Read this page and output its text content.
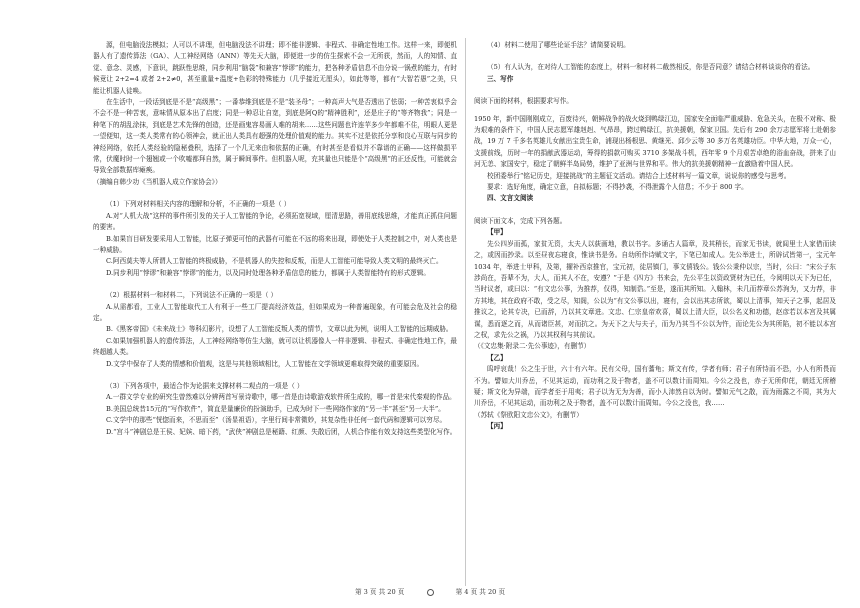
源，但电脑没法模拟；人可以不讲理，但电脑没法不讲理；即不能非逻辑、非程式、非确定性地工作。这样一来，即便机器人有了遗传算法（GA）、人工神经网络（ANN）等先天大脑，即便进一步的仿生探索不会一无所获，然而，人的知情、直觉、意念、灵感，下意识，跳跃性思维，同步利用“脑袋”和兼容“悖谬”的能力，把各种矛盾信息不由分说一锅煮的能力，有时候竟让 2+2=4 或者 2+2≠0，甚至重量+温度+色彩的特殊能力（几乎接近无厘头），如此等等，都有“大智若愚”之美，只能让机器人徒唤。

在生活中，一段话到底是不是“高级黑”；一番恭维到底是不是“装圣母”；一种高声大气是否透出了怯弱；一种苦衷似乎会不会不是一种苦衷，意味情从原本出了启度；同是一种忍让自宽，到底是阿Q的“精神胜利”，还是庄子的“等齐物我”；同是一种笔下的胡乱涂抹，到底是艺术先锋的创造，还是画鬼容易画人难的胡来……这些问题也许连苹多少年都难不住，明眼人更是一望便知，这一类人类常有的心领神会，就正出人类具有超强的处理价值观的能力。其实不过是依托分享和良心互联与同步的神经网络，依托人类经验的隐秘叠积，选择了一个几无来由和依据的正确，有时甚至是看似并不靠谱的正确——这样做损平常，伏魔时时一个翅翘或一个吹嘘都拜自然，属于瞬间事件。但机器人呢，充其量也只能是个“高级黑”的正还反性，可能就会导致全部数据库瘫痪。

（摘编自韩少功《当机器人成立作家协会》）

（1）下列对材料相关内容的理解和分析，不正确的一项是（ ）

A.对“人机大战”这样的事件所引发的关于人工智能的争论，必须拓宽视域，厘清思路，善用底线思维，才能真正抓住问题的要害。

B.如果盲目研发要采用人工智能，比原子弹更可怕的武器有可能在不远的将来出现，即使处于人类控制之中，对人类也是一种威胁。

C.阿西莫夫等人所谓人工智能的终极威胁，不是机器人的失控和反叛，而是人工智能可能导致人类文明的最终灭亡。

D.同步利用“悖谬”和兼容“悖谬”的能力，以及同时处理各种矛盾信息的能力，都属于人类智能特有的形式逻辑。

（2）根据材料一和材料二，下列说法不正确的一项是（ ）

A.从需都看，工业人工智能取代工人有利于一些工厂提高经济效益，但如果成为一种普遍现象，有可能会危及社会的稳定。

B.《黑客帝国》《未来战士》等科幻影片，设想了人工智能反叛人类的情节，文章以此为例，说明人工智能的远期威胁。

C.如果加强机器人的遗传算法，人工神经网络等仿生大脑，就可以让机器像人一样非逻辑、非程式、非确定性地工作，最终超越人类。

D.文学中保存了人类的情感和价值观，这是与其他领域相比，人工智能在文学领域更难取得突破的重要原因。

（3）下列各项中，最适合作为论据来支撑材料二观点的一项是（ ）

A.一群文学专业的研究生曾然难以分辨两首写景诗歌中，哪一首是由诗歌游戏软件所生成的，哪一首是宋代秦观的作品。

B.美国总统昔15元的“写作软件”，简直是量廉价的扮演助手，已成为时下一些网络作家的“另一半”甚至“另一大半”。

C.文学中的那些“恍惚而来，不思而至”（汤显祖语），字里行间非常微妙，其复杂性非任何一套代码和逻辑可以穷尽。

D.“宫斗”神剧总是王侯、妃嫔、暗下药，“武侠”神剧总是秘籍、红颜、失散后团，人机合作能有效支持这些类型化写作。

（4）材料二使用了哪些论证手法？请简要说明。

（5）有人认为，在对待人工智能的态度上，材料一和材料二截然相反，你是否同意？请结合材料谈谈你的看法。

三、写作

阅读下面的材料，根据要求写作。

1950 年，新中国刚刚成立，百废待兴，朝鲜战争的战火烧到鸭绿江边，国家安全面临严重威胁、危急关头，在极不对称、极为艰难的条件下，中国人民志愿军雄赳赳、气昂昂，跨过鸭绿江，抗美援朝，保家卫国。先后有 290 余万志愿军将士赴朝参战，19 万 7 千多名英雄儿女献出宝贵生命，浦现出杨根思、黄继光、邱少云等 30 多万名英雄功臣。中华大地，万众一心，支援前线，历时一年的捐献武器运动，筹得的捐款可购买 3710 多架战斗机，西年零 9 个月艰苦卓绝的浴血奋战，拼来了山河无恙、家国安宁，稳定了朝鲜半岛局势，维护了亚洲与世界和平。伟大的抗美援朝精神一直激励着中国人民。

校团委举行“铭记历史，迎接挑战”的主题征文活动。请结合上述材料写一篇文章，说说你的感受与思考。

要求：选好角度，确定立意，自拟标题；不得抄袭，不得泄露个人信息；不少于 800 字。

四、文言文阅读

阅读下面文本，完成下列各题。

【甲】

先公四岁而孤，家贫无资，太夫人以荻画地，教以书字。多诵古人篇章，及其稍长，而家无书读，就闾里士人家借而读之，或因而抄录。以至昼夜忘寝食，惟读书是务。自幼所作诗赋文字，下笔已如成人。先公举进士，所辟试皆第一，宝元年 1034 年，举进士甲科，及第，擢补西京推官，宝元初，徒居镇门，事文僖钱公。钱公公秉仲以宗，当时，公曰：“宋公子东涉尚在，吾辈不为，大人，而其人不在，安遵？”于是《四方》书来会，先公平生以资政贤材为已任，今阅明以天下为已任，当时议者，或曰以：“有文忠公事，为推荐，仅得，知制诰。”至是，遂而其所知。入翰林，未几而荐章公苏洵为，又力荐，非方其地，其在政府不敢，受之尽，知阁，公以为“有文公事以出，寝有，会以出其志所欲，蜀以上清事，知天子之事，起居及推议之，论其专决，已而辞，乃以其文章进。文忠、仁宗皇帝欢喜，蜀以上清大臣，以公名义和功德，赵彦若以本宫及其属谋，悉而逐之而，从而诸臣甚，对而抗之。为天下之大与夫子，而为乃其当不公以为忤，而论先公为其所陷，初不能以本宫之权，求先公之祸，乃以其权利与其前议。

（《文忠集·附录二·先公事迹》，有删节）

【乙】

呜呼哀哉！公之生于世，六十有六年。民有父母，国有蓍龟；斯文有传，学者有师；君子有所恃而不恐，小人有所畏而不为。譬如大川乔岳，不见其运动，而功利之及于物者，盖不可以数计而周知。今公之没也，赤子无所仰芘，朝廷无所稽疑；斯文化为异端，而学者至于用夷；君子以为无为为善，而小人沛然自以为时。譬如元气之散，而为雨露之不周，其为大川乔岳，不见其运动，而功利之及于物者，盖不可以数计而周知。今公之没也，我……

（苏轼《祭欧阳文忠公文》，有删节）

【丙】

第 3 页 共 20 页	第 4 页 共 20 页
